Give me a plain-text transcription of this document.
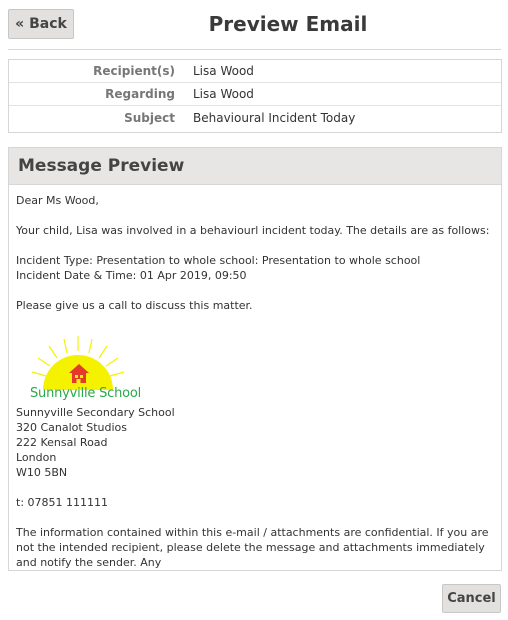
« Back	Preview Email
Recipient(s) Lisa Wood
Regarding Lisa Wood
Subject Behavioural Incident Today
Message Preview

Dear Ms Wood,

Your child, Lisa was involved in a behaviourl incident today. The details are as follows:

Incident Type: Presentation to whole school: Presentation to whole school

Incident Date & Time: 01 Apr 2019, 09:50

Please give us a call to discuss this matter.

Sunnyville School

Sunnyville Secondary School

320 Canalot Studios

222 Kensal Road

London

W10 5BN

t: 07851 111111

The information contained within this e-mail / attachments are confidential. If you are not the intended recipient, please delete the message and attachments immediately and notify the sender. Any

Cancel
